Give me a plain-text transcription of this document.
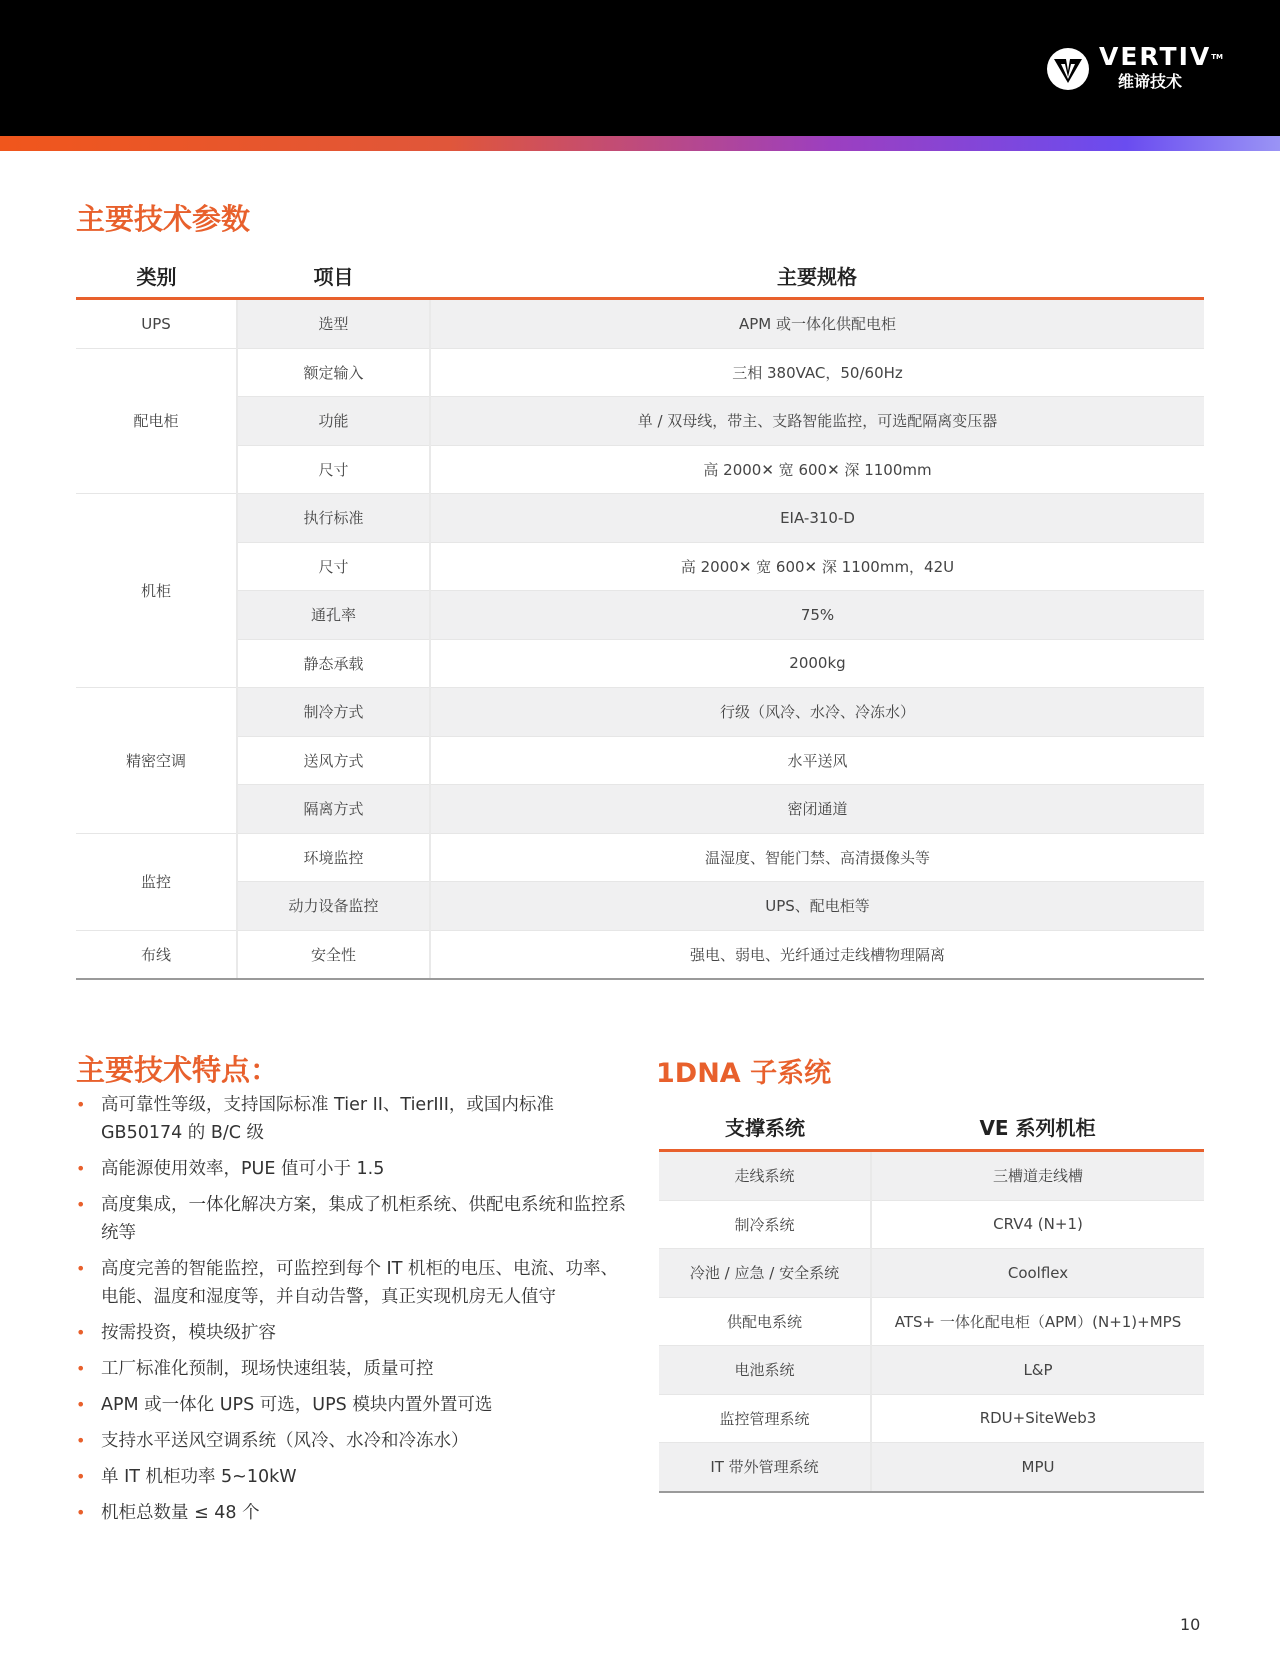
VERTIV™
维谛技术
主要技术参数
类别	项目	主要规格
UPS	选型	APM 或一体化供配电柜
配电柜	额定输入	三相 380VAC，50/60Hz
	功能	单 / 双母线，带主、支路智能监控，可选配隔离变压器
	尺寸	高 2000✕ 宽 600✕ 深 1100mm
机柜	执行标准	EIA-310-D
	尺寸	高 2000✕ 宽 600✕ 深 1100mm，42U
	通孔率	75%
	静态承载	2000kg
精密空调	制冷方式	行级（风冷、水冷、冷冻水）
	送风方式	水平送风
	隔离方式	密闭通道
监控	环境监控	温湿度、智能门禁、高清摄像头等
	动力设备监控	UPS、配电柜等
布线	安全性	强电、弱电、光纤通过走线槽物理隔离
主要技术特点：
• 高可靠性等级，支持国际标准 Tier II、TierIII，或国内标准 GB50174 的 B/C 级
• 高能源使用效率，PUE 值可小于 1.5
• 高度集成，一体化解决方案，集成了机柜系统、供配电系统和监控系统等
• 高度完善的智能监控，可监控到每个 IT 机柜的电压、电流、功率、电能、温度和湿度等，并自动告警，真正实现机房无人值守
• 按需投资，模块级扩容
• 工厂标准化预制，现场快速组装，质量可控
• APM 或一体化 UPS 可选，UPS 模块内置外置可选
• 支持水平送风空调系统（风冷、水冷和冷冻水）
• 单 IT 机柜功率 5~10kW
• 机柜总数量 ≤ 48 个
1DNA 子系统
支撑系统	VE 系列机柜
走线系统	三槽道走线槽
制冷系统	CRV4 (N+1)
冷池 / 应急 / 安全系统	Coolflex
供配电系统	ATS+ 一体化配电柜（APM）(N+1)+MPS
电池系统	L&P
监控管理系统	RDU+SiteWeb3
IT 带外管理系统	MPU
10
